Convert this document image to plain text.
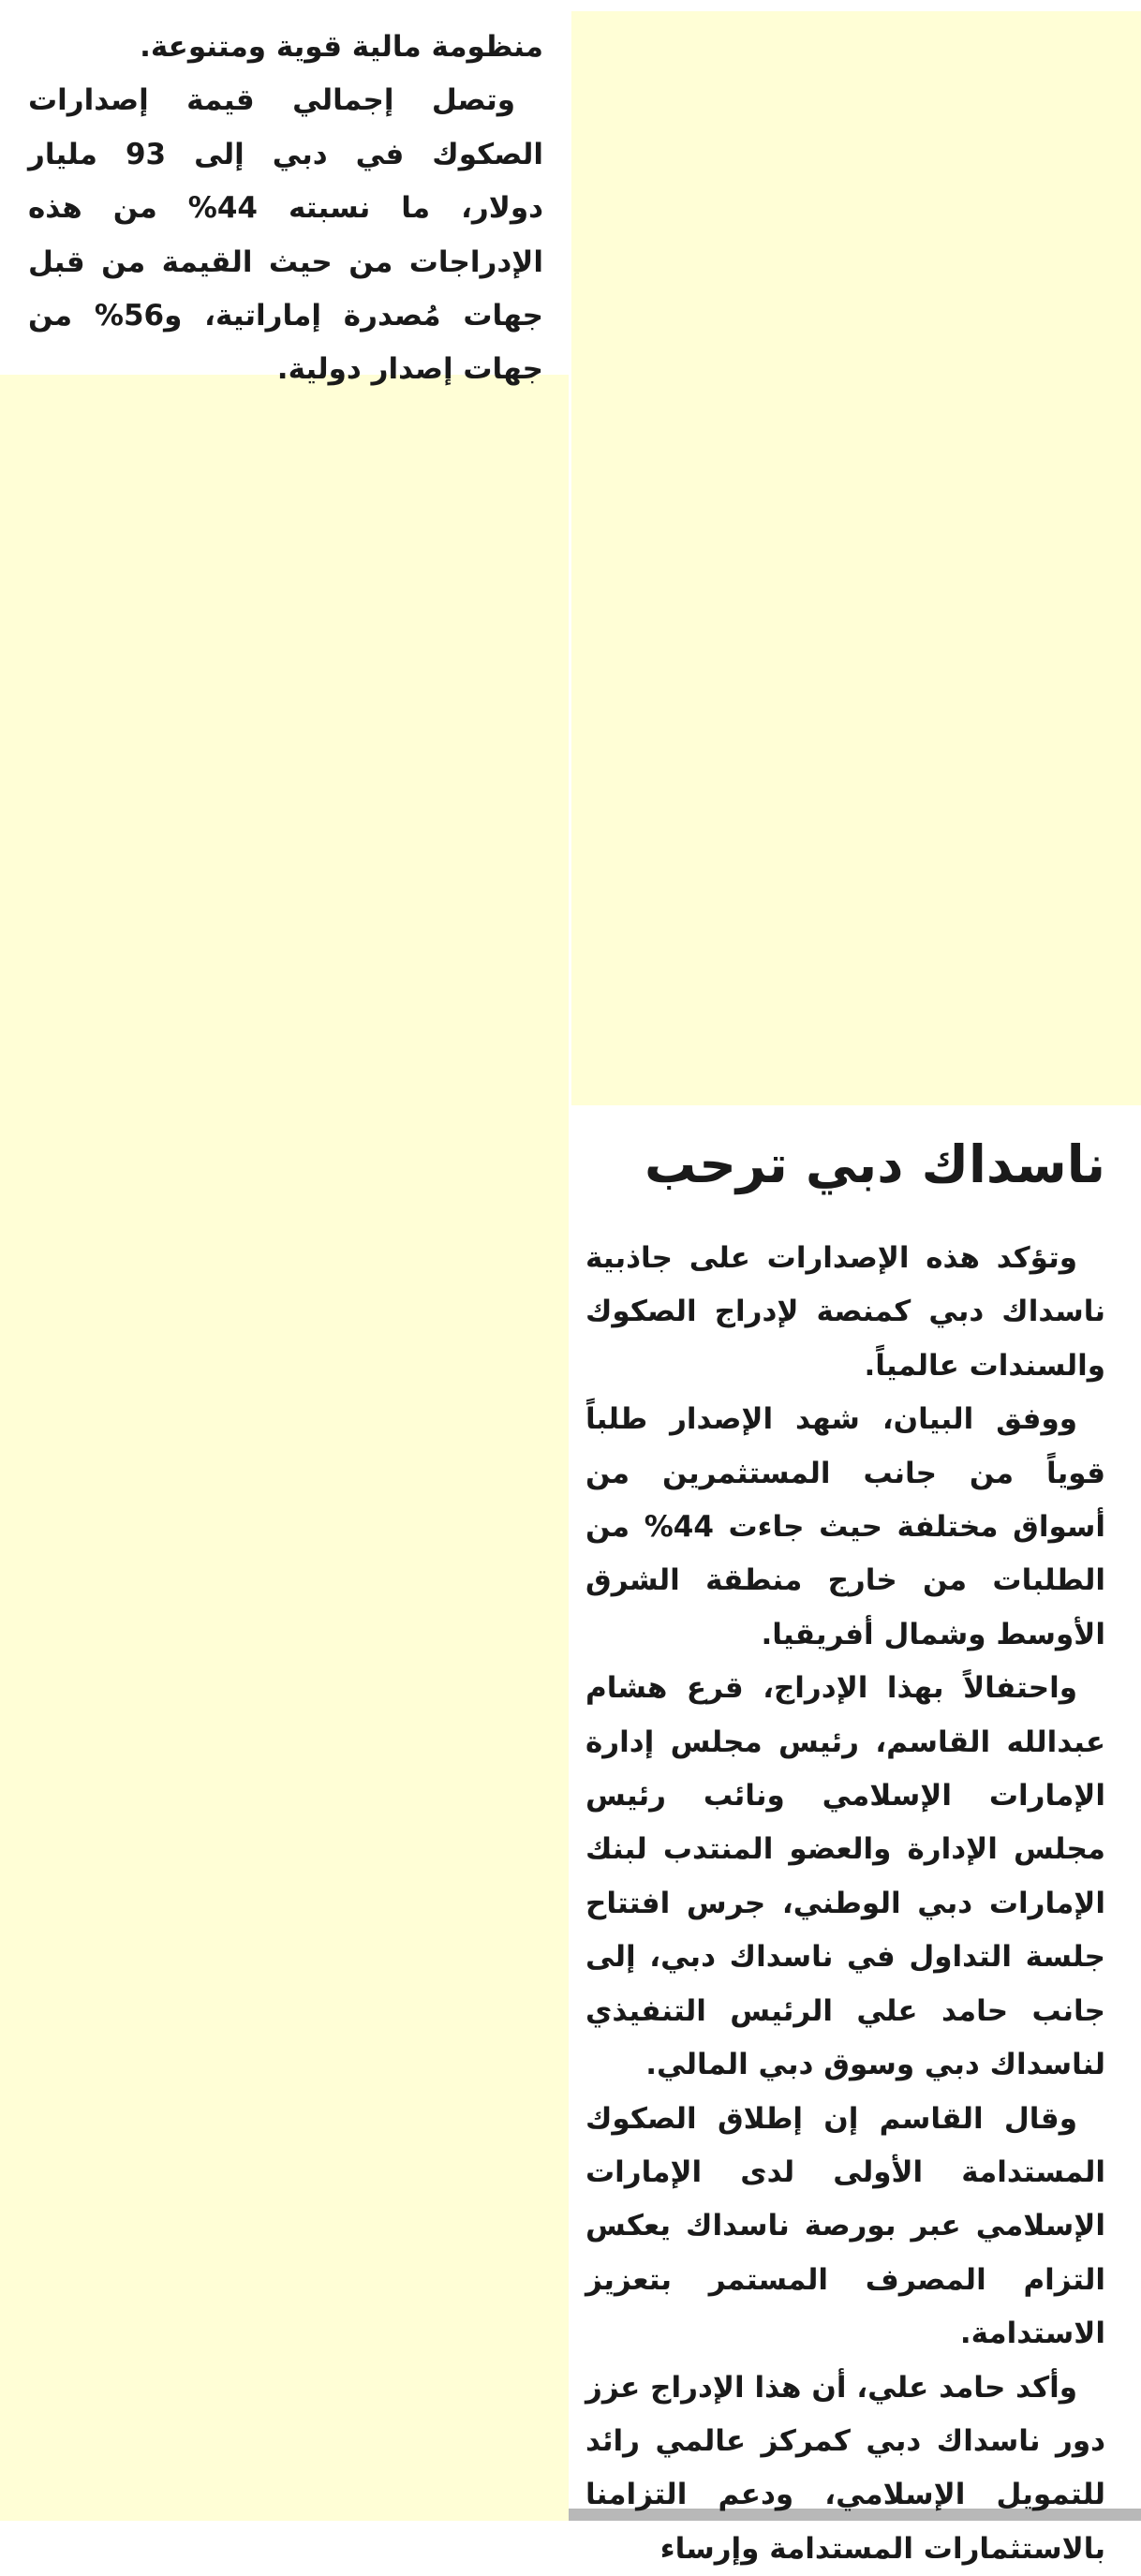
منظومة مالية قوية ومتنوعة.

وتصل إجمالي قيمة إصدارات الصكوك في دبي إلى 93 مليار دولار، ما نسبته 44% من هذه الإدراجات من حيث القيمة من قبل جهات مُصدرة إماراتية، و56% من جهات إصدار دولية.

ناسداك دبي ترحب

وتؤكد هذه الإصدارات على جاذبية ناسداك دبي كمنصة لإدراج الصكوك والسندات عالمياً.

ووفق البيان، شهد الإصدار طلباً قوياً من جانب المستثمرين من أسواق مختلفة حيث جاءت 44% من الطلبات من خارج منطقة الشرق الأوسط وشمال أفريقيا.

واحتفالاً بهذا الإدراج، قرع هشام عبدالله القاسم، رئيس مجلس إدارة الإمارات الإسلامي ونائب رئيس مجلس الإدارة والعضو المنتدب لبنك الإمارات دبي الوطني، جرس افتتاح جلسة التداول في ناسداك دبي، إلى جانب حامد علي الرئيس التنفيذي لناسداك دبي وسوق دبي المالي.

وقال القاسم إن إطلاق الصكوك المستدامة الأولى لدى الإمارات الإسلامي عبر بورصة ناسداك يعكس التزام المصرف المستمر بتعزيز الاستدامة.

وأكد حامد علي، أن هذا الإدراج عزز دور ناسداك دبي كمركز عالمي رائد للتمويل الإسلامي، ودعم التزامنا بالاستثمارات المستدامة وإرساء
